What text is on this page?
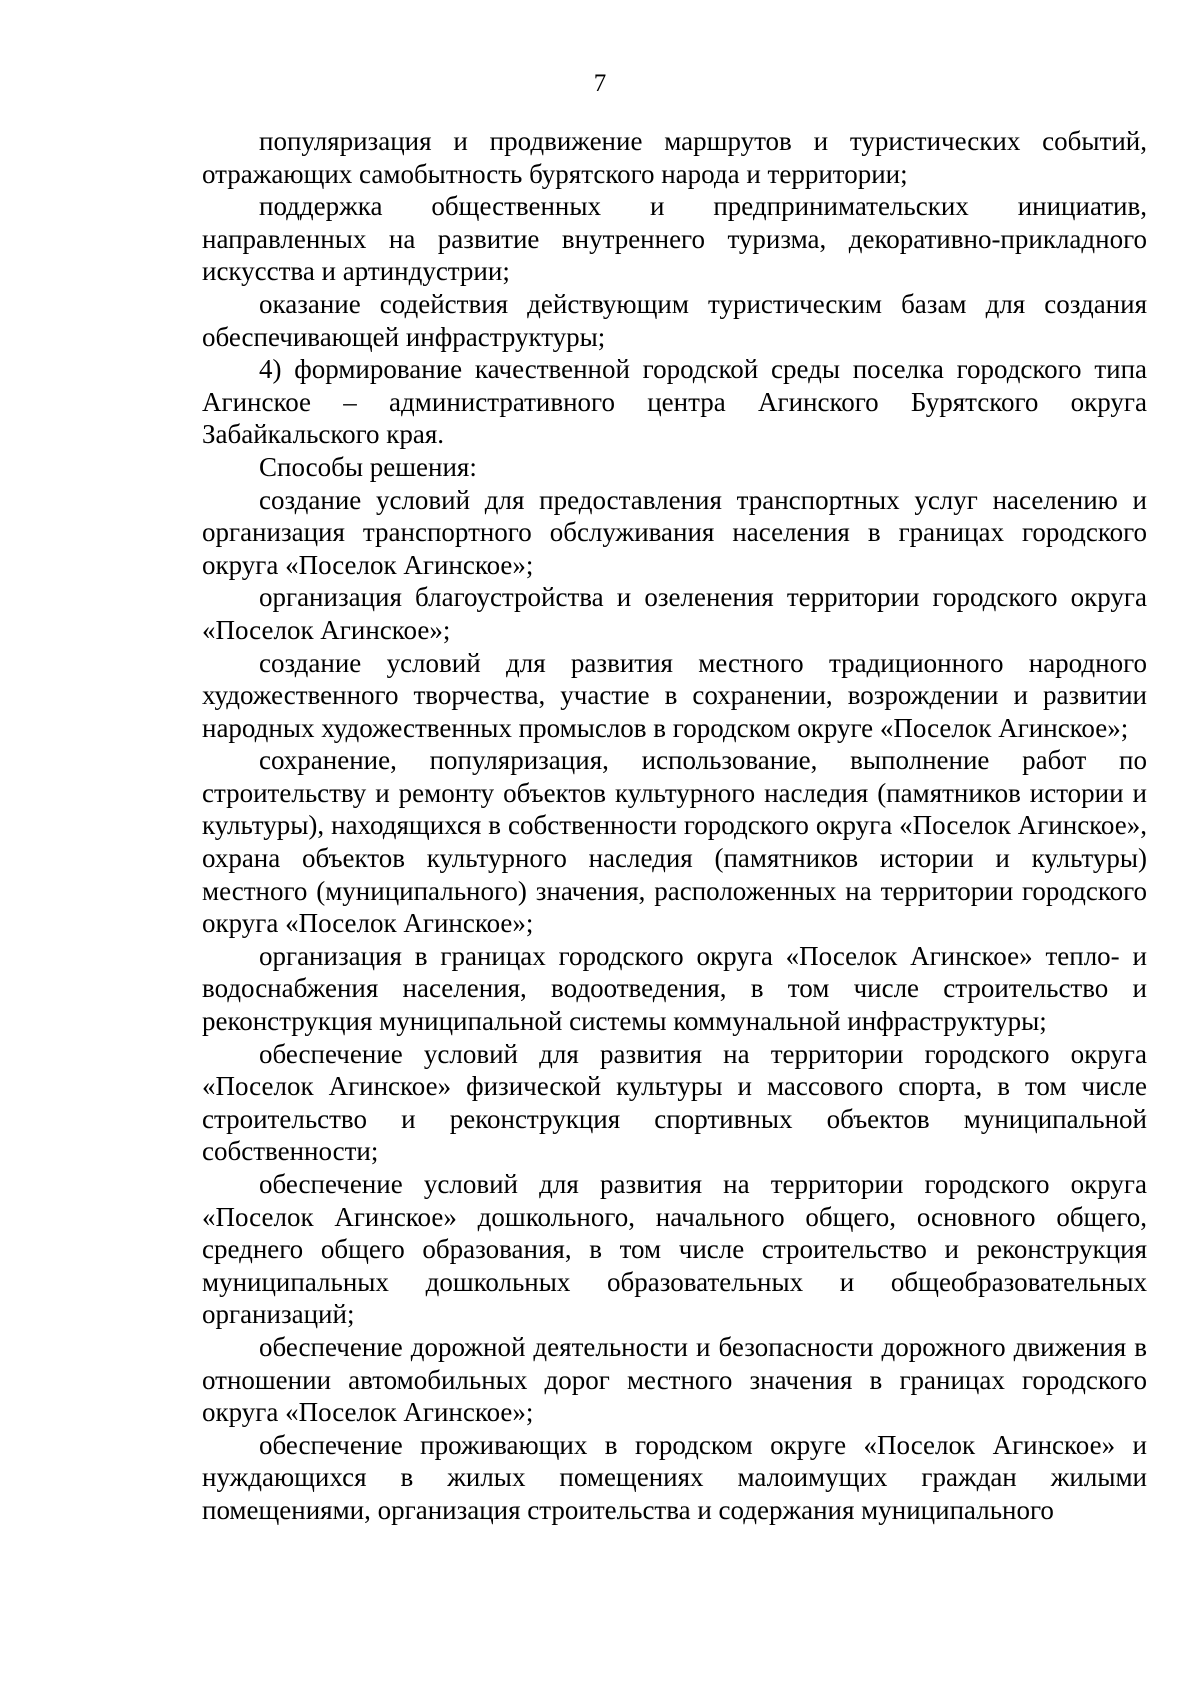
7

популяризация и продвижение маршрутов и туристических событий, отражающих самобытность бурятского народа и территории;

поддержка общественных и предпринимательских инициатив, направленных на развитие внутреннего туризма, декоративно-прикладного искусства и артиндустрии;

оказание содействия действующим туристическим базам для создания обеспечивающей инфраструктуры;

4) формирование качественной городской среды поселка городского типа Агинское – административного центра Агинского Бурятского округа Забайкальского края.

Способы решения:

создание условий для предоставления транспортных услуг населению и организация транспортного обслуживания населения в границах городского округа «Поселок Агинское»;

организация благоустройства и озеленения территории городского округа «Поселок Агинское»;

создание условий для развития местного традиционного народного художественного творчества, участие в сохранении, возрождении и развитии народных художественных промыслов в городском округе «Поселок Агинское»;

сохранение, популяризация, использование, выполнение работ по строительству и ремонту объектов культурного наследия (памятников истории и культуры), находящихся в собственности городского округа «Поселок Агинское», охрана объектов культурного наследия (памятников истории и культуры) местного (муниципального) значения, расположенных на территории городского округа «Поселок Агинское»;

организация в границах городского округа «Поселок Агинское» тепло- и водоснабжения населения, водоотведения, в том числе строительство и реконструкция муниципальной системы коммунальной инфраструктуры;

обеспечение условий для развития на территории городского округа «Поселок Агинское» физической культуры и массового спорта, в том числе строительство и реконструкция спортивных объектов муниципальной собственности;

обеспечение условий для развития на территории городского округа «Поселок Агинское» дошкольного, начального общего, основного общего, среднего общего образования, в том числе строительство и реконструкция муниципальных дошкольных образовательных и общеобразовательных организаций;

обеспечение дорожной деятельности и безопасности дорожного движения в отношении автомобильных дорог местного значения в границах городского округа «Поселок Агинское»;

обеспечение проживающих в городском округе «Поселок Агинское» и нуждающихся в жилых помещениях малоимущих граждан жилыми помещениями, организация строительства и содержания муниципального
